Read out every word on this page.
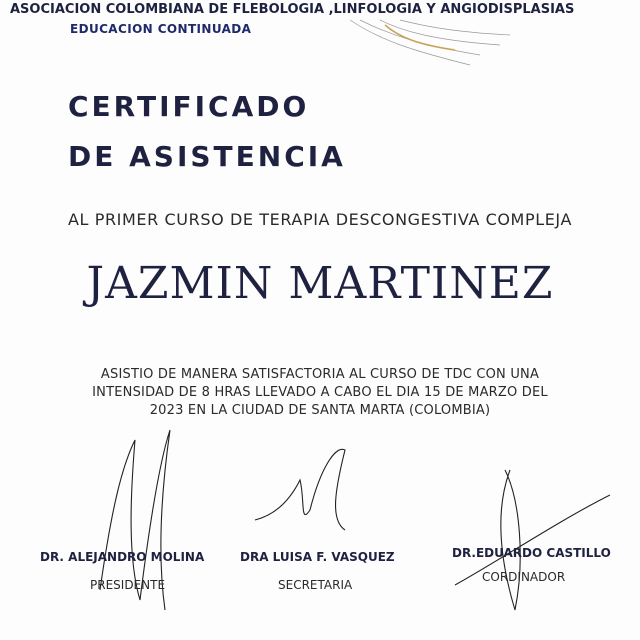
ASOCIACION COLOMBIANA DE FLEBOLOGIA ,LINFOLOGIA Y ANGIODISPLASIAS
EDUCACION CONTINUADA
CERTIFICADO
DE ASISTENCIA
AL PRIMER CURSO DE TERAPIA DESCONGESTIVA COMPLEJA
JAZMIN MARTINEZ
ASISTIO DE MANERA SATISFACTORIA AL CURSO DE TDC CON UNA
INTENSIDAD DE 8 HRAS LLEVADO A CABO EL DIA 15 DE MARZO DEL
2023 EN LA CIUDAD DE SANTA MARTA (COLOMBIA)
DR. ALEJANDRO MOLINA
PRESIDENTE
DRA LUISA F. VASQUEZ
SECRETARIA
DR.EDUARDO CASTILLO
CORDINADOR
